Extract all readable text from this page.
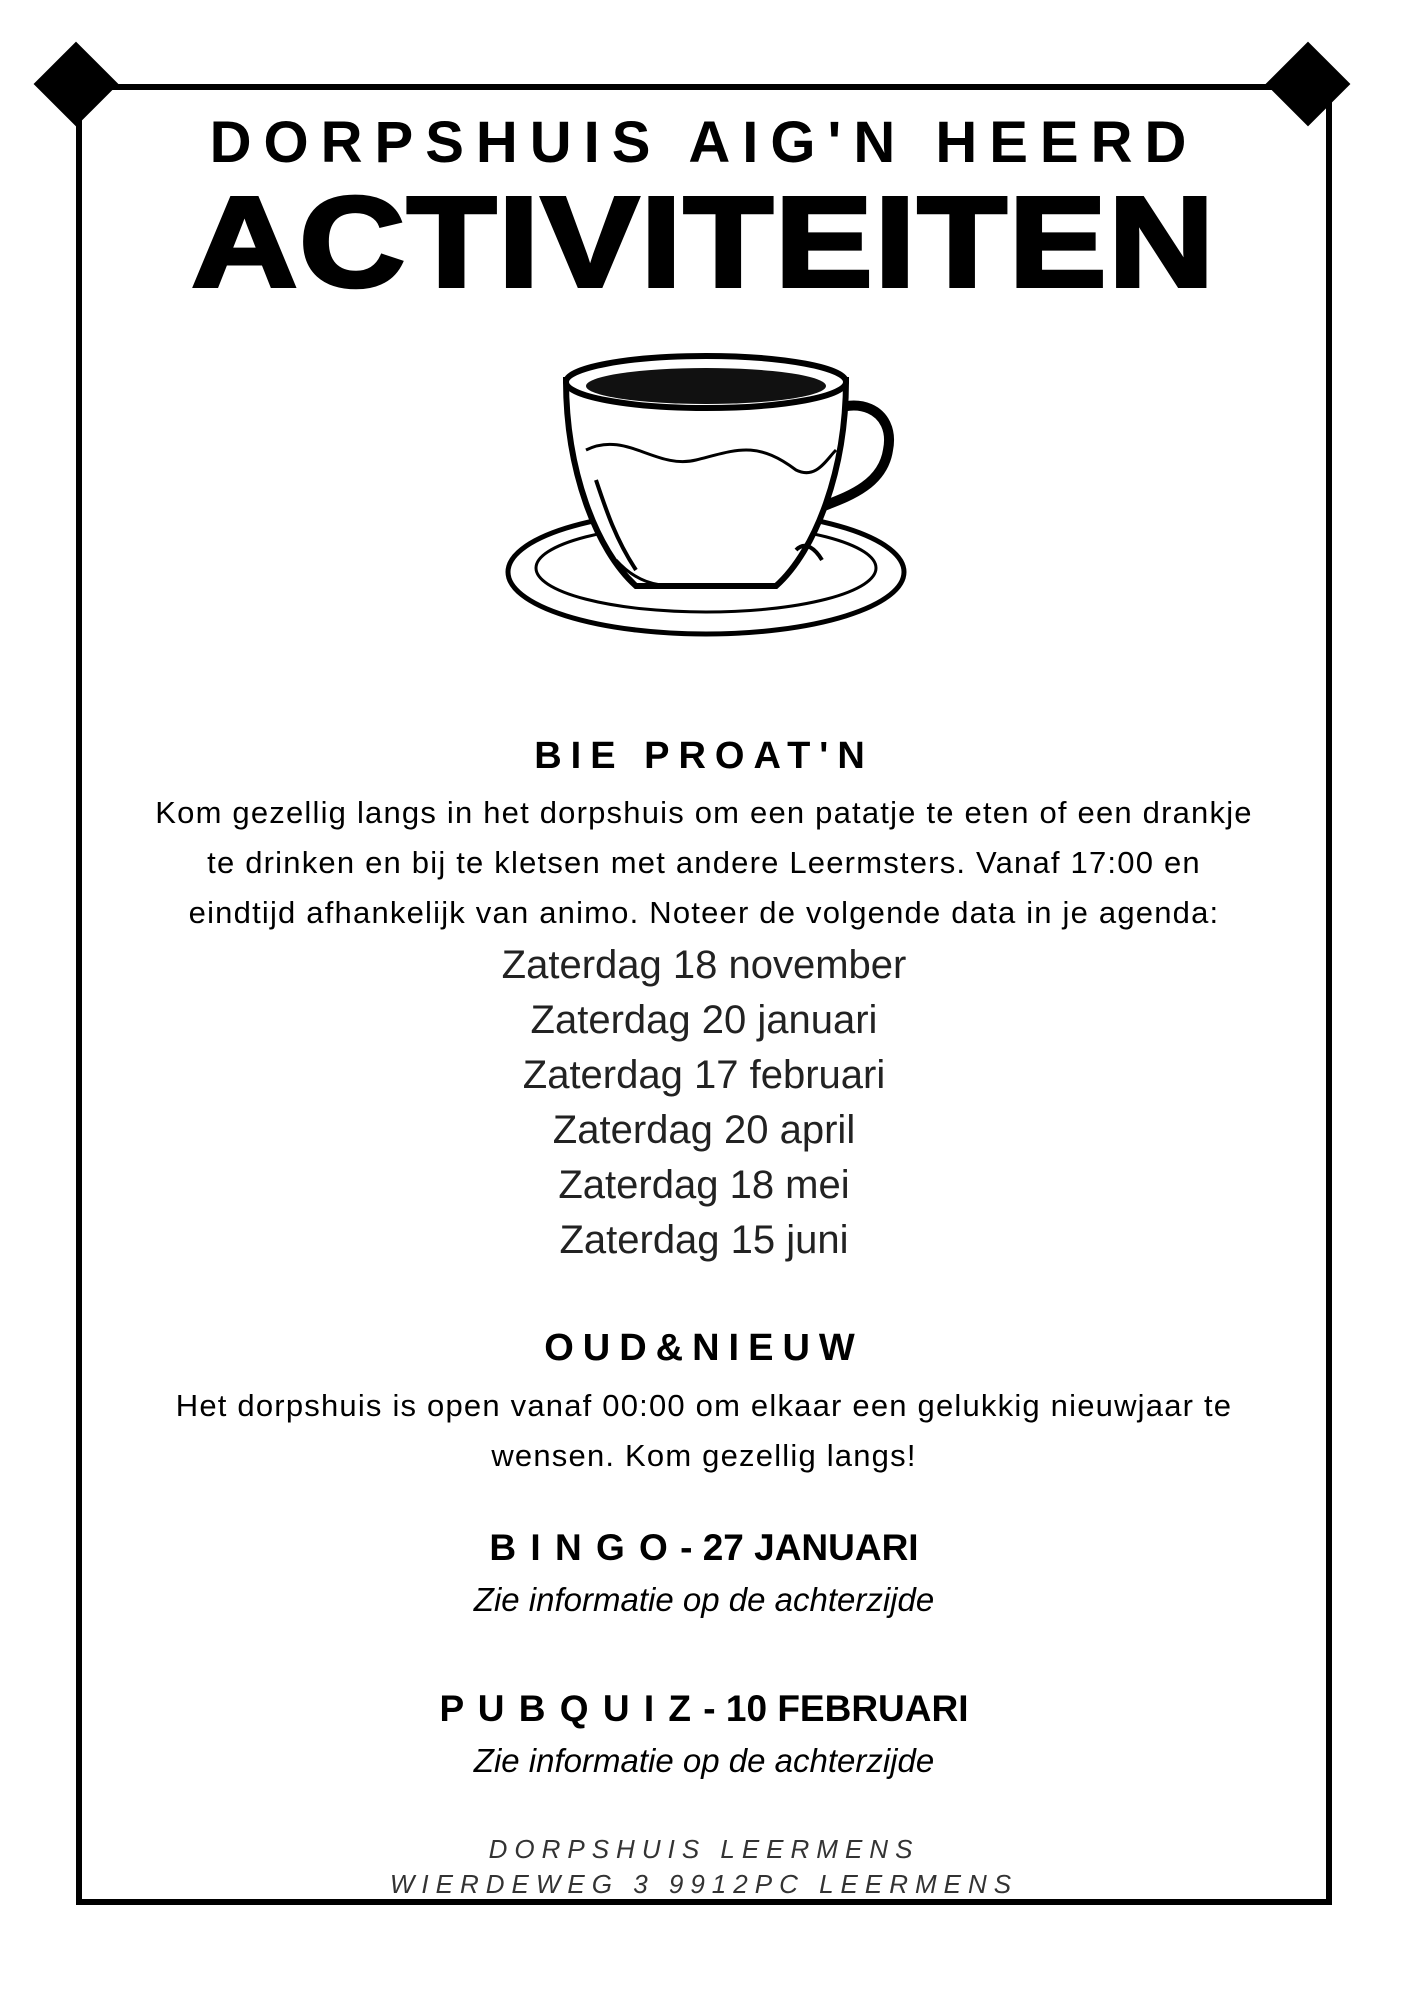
DORPSHUIS AIG'N HEERD
ACTIVITEITEN
BIE PROAT'N
Kom gezellig langs in het dorpshuis om een patatje te eten of een drankje
te drinken en bij te kletsen met andere Leermsters. Vanaf 17:00 en
eindtijd afhankelijk van animo. Noteer de volgende data in je agenda:
Zaterdag 18 november
Zaterdag 20 januari
Zaterdag 17 februari
Zaterdag 20 april
Zaterdag 18 mei
Zaterdag 15 juni
OUD&NIEUW
Het dorpshuis is open vanaf 00:00 om elkaar een gelukkig nieuwjaar te
wensen. Kom gezellig langs!
B I N G O - 27 JANUARI
Zie informatie op de achterzijde
P U B Q U I Z - 10 FEBRUARI
Zie informatie op de achterzijde
DORPSHUIS LEERMENS
WIERDEWEG 3 9912PC LEERMENS
